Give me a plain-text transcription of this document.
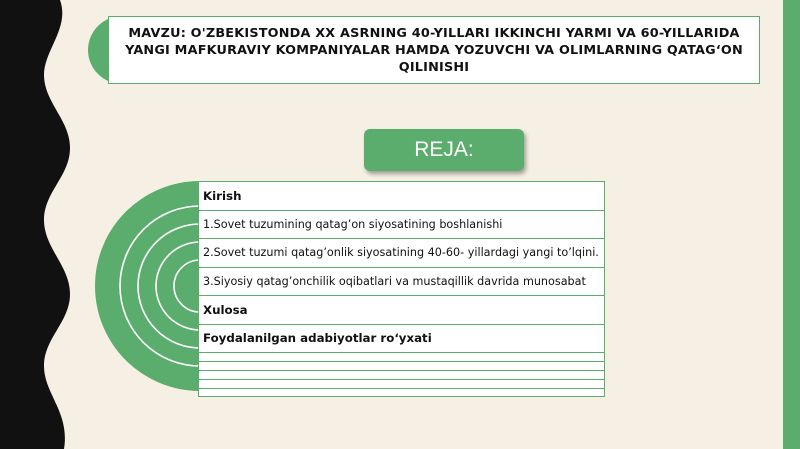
MAVZU: O'ZBEKISTONDA XX ASRNING 40-YILLARI IKKINCHI YARMI VA 60-YILLARIDA YANGI MAFKURAVIY KOMPANIYALAR HAMDA YOZUVCHI VA OLIMLARNING QATAG‘ON QILINISHI
REJA:
Kirish
1.Sovet tuzumining qatag’on siyosatining boshlanishi
2.Sovet tuzumi qatag’onlik siyosatining 40-60- yillardagi yangi to’lqini.
3.Siyosiy qatag’onchilik oqibatlari va mustaqillik davrida munosabat
Xulosa
Foydalanilgan adabiyotlar ro‘yxati
